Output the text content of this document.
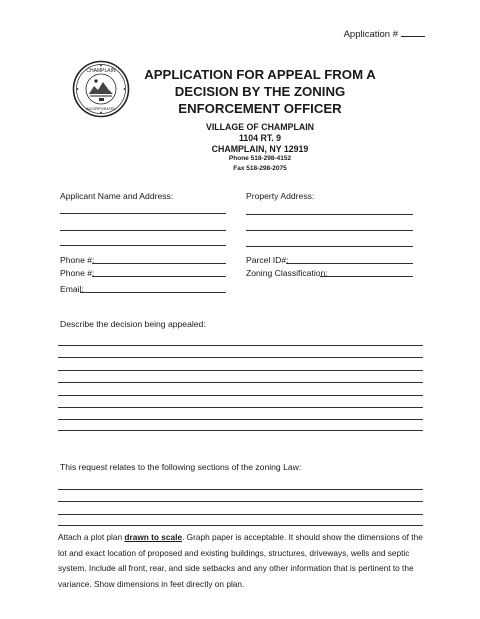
Application #
CHAMPLAIN
INCORPORATED
APPLICATION FOR APPEAL FROM A
DECISION BY THE ZONING
ENFORCEMENT OFFICER
VILLAGE OF CHAMPLAIN
1104 RT. 9
CHAMPLAIN, NY 12919
Phone 518-298-4152
Fax 518-298-2075
Applicant Name and Address:
Phone #:
Phone #:
Email:
Property Address:
Parcel ID#:
Zoning Classification:
Describe the decision being appealed:
This request relates to the following sections of the zoning Law:
Attach a plot plan drawn to scale. Graph paper is acceptable. It should show the dimensions of the lot and exact location of proposed and existing buildings, structures, driveways, wells and septic system. Include all front, rear, and side setbacks and any other information that is pertinent to the variance. Show dimensions in feet directly on plan.
